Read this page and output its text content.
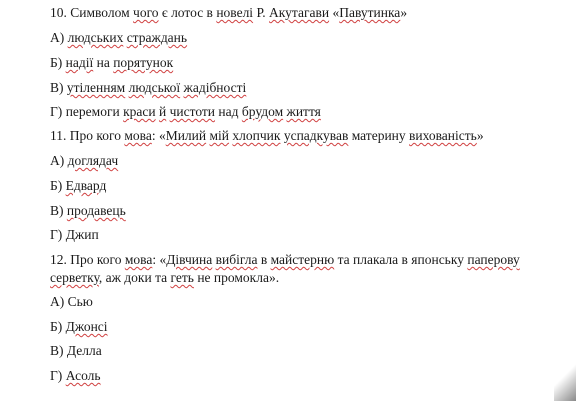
10. Символом чого є лотос в новелі Р. Акутагави «Павутинка»
А) людських страждань
Б) надії на порятунок
В) утіленням людської жадібності
Г) перемоги краси й чистоти над брудом життя
11. Про кого мова: «Милий мій хлопчик успадкував материну вихованість»
А) доглядач
Б) Едвард
В) продавець
Г) Джип
12. Про кого мова: «Дівчина вибігла в майстерню та плакала в японську паперову
серветку, аж доки та геть не промокла».
А) Сью
Б) Джонсі
В) Делла
Г) Асоль
